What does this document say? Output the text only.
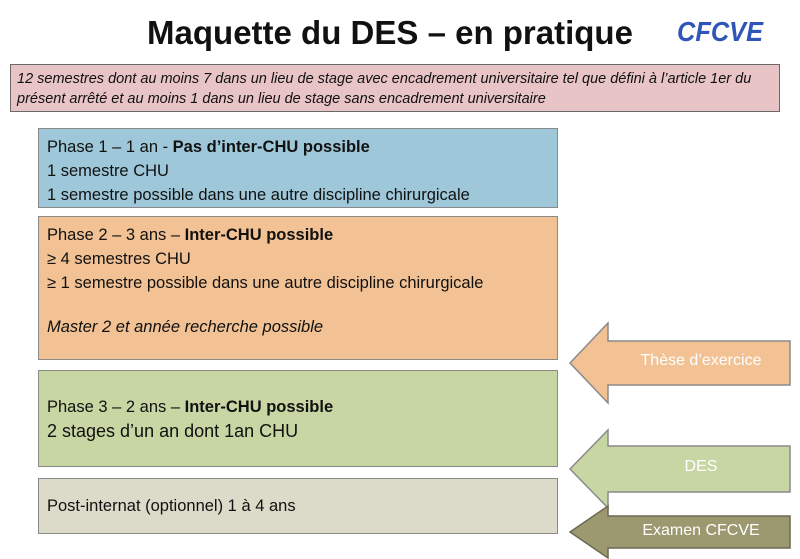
Maquette du DES – en pratique	CFCVE
12 semestres dont au moins 7 dans un lieu de stage avec encadrement universitaire tel que défini à l’article 1er du présent arrêté et au moins 1 dans un lieu de stage sans encadrement universitaire
Phase 1 – 1 an - Pas d’inter-CHU possible
1 semestre CHU
1 semestre possible dans une autre discipline chirurgicale
Phase 2 – 3 ans – Inter-CHU possible
≥ 4 semestres CHU
≥ 1 semestre possible dans une autre discipline chirurgicale
Master 2 et année recherche possible
Phase 3 – 2 ans – Inter-CHU possible
2 stages d’un an dont 1an CHU
Post-internat (optionnel) 1 à 4 ans
Thèse d’exercice
DES
Examen CFCVE
